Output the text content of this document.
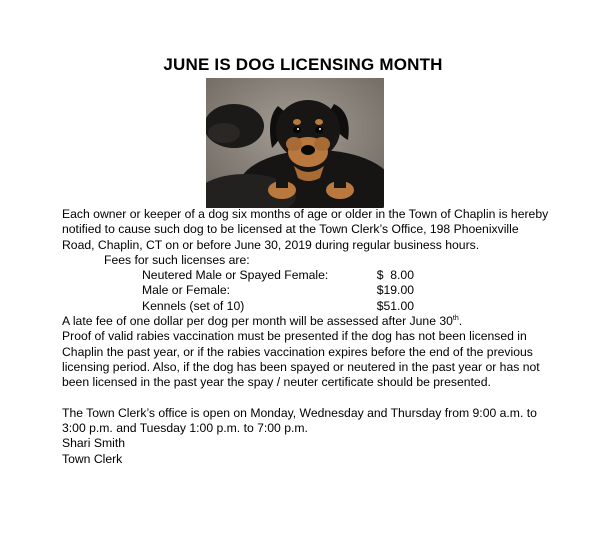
JUNE IS DOG LICENSING MONTH

Each owner or keeper of a dog six months of age or older in the Town of Chaplin is hereby notified to cause such dog to be licensed at the Town Clerk’s Office, 198 Phoenixville Road, Chaplin, CT on or before June 30, 2019 during regular business hours.

Fees for such licenses are:

Neutered Male or Spayed Female:	$  8.00
Male or Female:	$19.00
Kennels (set of 10)	$51.00

A late fee of one dollar per dog per month will be assessed after June 30th.

Proof of valid rabies vaccination must be presented if the dog has not been licensed in Chaplin the past year, or if the rabies vaccination expires before the end of the previous licensing period. Also, if the dog has been spayed or neutered in the past year or has not been licensed in the past year the spay / neuter certificate should be presented.

The Town Clerk’s office is open on Monday, Wednesday and Thursday from 9:00 a.m. to 3:00 p.m. and Tuesday 1:00 p.m. to 7:00 p.m.

Shari Smith

Town Clerk
